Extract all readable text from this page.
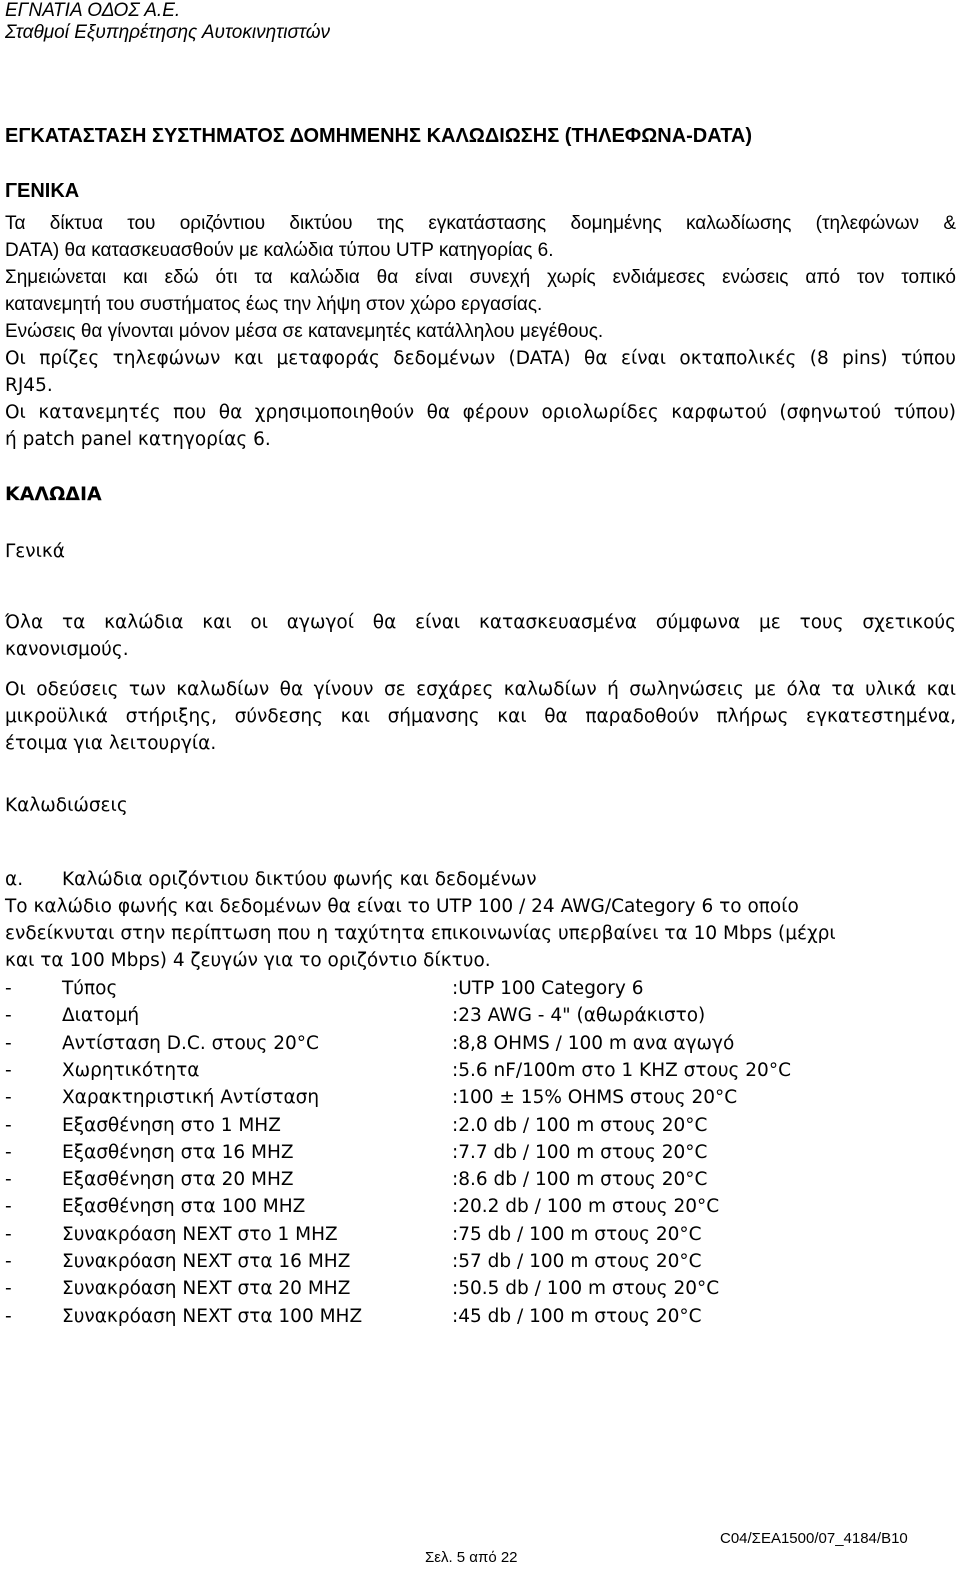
ΕΓΝΑΤΙΑ ΟΔΟΣ Α.Ε.
Σταθμοί Εξυπηρέτησης Αυτοκινητιστών
ΕΓΚΑΤΑΣΤΑΣΗ ΣΥΣΤΗΜΑΤΟΣ ΔΟΜΗΜΕΝΗΣ ΚΑΛΩΔΙΩΣΗΣ (ΤΗΛΕΦΩΝΑ-DATA)
ΓΕΝΙΚΑ
Τα δίκτυα του οριζόντιου δικτύου της εγκατάστασης δομημένης καλωδίωσης (τηλεφώνων &
DATA) θα κατασκευασθούν με καλώδια τύπου UTP κατηγορίας 6.
Σημειώνεται και εδώ ότι τα καλώδια θα είναι συνεχή χωρίς ενδιάμεσες ενώσεις από τον τοπικό
κατανεμητή του συστήματος έως την λήψη στον χώρο εργασίας.
Ενώσεις θα γίνονται μόνον μέσα σε κατανεμητές κατάλληλου μεγέθους.
Οι πρίζες τηλεφώνων και μεταφοράς δεδομένων (DATA) θα είναι οκταπολικές (8 pins) τύπου
RJ45.
Οι κατανεμητές που θα χρησιμοποιηθούν θα φέρουν οριολωρίδες καρφωτού (σφηνωτού τύπου)
ή patch panel κατηγορίας 6.
ΚΑΛΩΔΙΑ
Γενικά
Όλα τα καλώδια και οι αγωγοί θα είναι κατασκευασμένα σύμφωνα με τους σχετικούς
κανονισμούς.
Οι οδεύσεις των καλωδίων θα γίνουν σε εσχάρες καλωδίων ή σωληνώσεις με όλα τα υλικά και
μικροϋλικά στήριξης, σύνδεσης και σήμανσης και θα παραδοθούν πλήρως εγκατεστημένα,
έτοιμα για λειτουργία.
Καλωδιώσεις
α. Καλώδια οριζόντιου δικτύου φωνής και δεδομένων
Το καλώδιο φωνής και δεδομένων θα είναι το UTP 100 / 24 AWG/Category 6 το οποίο
ενδείκνυται στην περίπτωση που η ταχύτητα επικοινωνίας υπερβαίνει τα 10 Mbps (μέχρι
και τα 100 Mbps) 4 ζευγών για το οριζόντιο δίκτυο.
-	Τύπος	:UTP 100 Category 6
-	Διατομή	:23 AWG - 4" (αθωράκιστο)
-	Αντίσταση D.C. στους 20°C	:8,8 OHMS / 100 m ανα αγωγό
-	Χωρητικότητα	:5.6 nF/100m στο 1 KHZ στους 20°C
-	Χαρακτηριστική Αντίσταση	:100 ± 15% OHMS στους 20°C
-	Εξασθένηση στο 1 MHZ	:2.0 db / 100 m στους 20°C
-	Εξασθένηση στα 16 MHZ	:7.7 db / 100 m στους 20°C
-	Εξασθένηση στα 20 MHZ	:8.6 db / 100 m στους 20°C
-	Εξασθένηση στα 100 MHZ	:20.2 db / 100 m στους 20°C
-	Συνακρόαση NEXT στο 1 MHZ	:75 db / 100 m στους 20°C
-	Συνακρόαση NEXT στα 16 MHZ	:57 db / 100 m στους 20°C
-	Συνακρόαση NEXT στα 20 MHZ	:50.5 db / 100 m στους 20°C
-	Συνακρόαση NEXT στα 100 MHZ	:45 db / 100 m στους 20°C
C04/ΣΕΑ1500/07_4184/Β10
Σελ. 5 από 22
